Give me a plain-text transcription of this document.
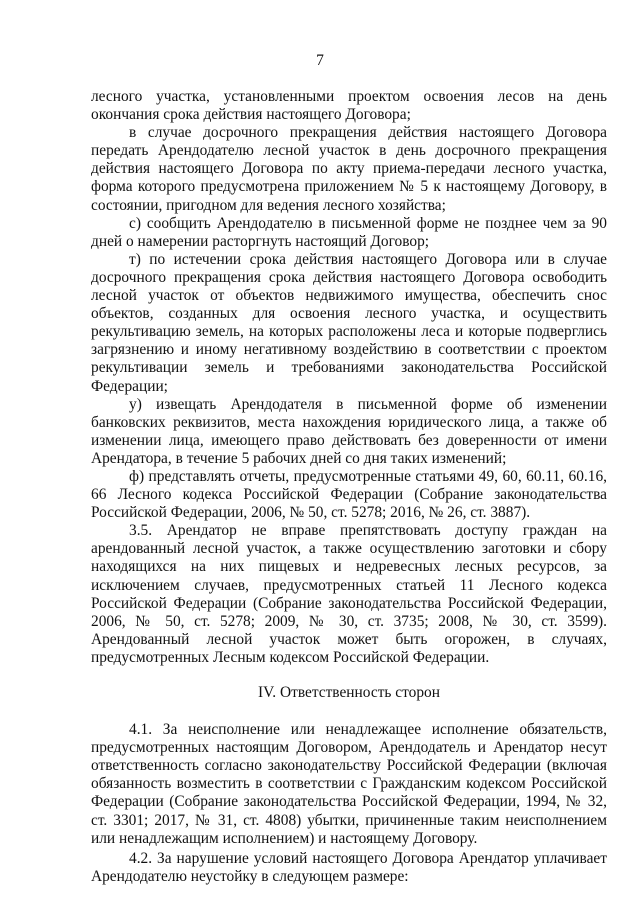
7

лесного участка, установленными проектом освоения лесов на день окончания срока действия настоящего Договора;

в случае досрочного прекращения действия настоящего Договора передать Арендодателю лесной участок в день досрочного прекращения действия настоящего Договора по акту приема-передачи лесного участка, форма которого предусмотрена приложением № 5 к настоящему Договору, в состоянии, пригодном для ведения лесного хозяйства;

с) сообщить Арендодателю в письменной форме не позднее чем за 90 дней о намерении расторгнуть настоящий Договор;

т) по истечении срока действия настоящего Договора или в случае досрочного прекращения срока действия настоящего Договора освободить лесной участок от объектов недвижимого имущества, обеспечить снос объектов, созданных для освоения лесного участка, и осуществить рекультивацию земель, на которых расположены леса и которые подверглись загрязнению и иному негативному воздействию в соответствии с проектом рекультивации земель и требованиями законодательства Российской Федерации;

у) извещать Арендодателя в письменной форме об изменении банковских реквизитов, места нахождения юридического лица, а также об изменении лица, имеющего право действовать без доверенности от имени Арендатора, в течение 5 рабочих дней со дня таких изменений;

ф) представлять отчеты, предусмотренные статьями 49, 60, 60.11, 60.16, 66 Лесного кодекса Российской Федерации (Собрание законодательства Российской Федерации, 2006, № 50, ст. 5278; 2016, № 26, ст. 3887).

3.5. Арендатор не вправе препятствовать доступу граждан на арендованный лесной участок, а также осуществлению заготовки и сбору находящихся на них пищевых и недревесных лесных ресурсов, за исключением случаев, предусмотренных статьей 11 Лесного кодекса Российской Федерации (Собрание законодательства Российской Федерации, 2006, № 50, ст. 5278; 2009, № 30, ст. 3735; 2008, № 30, ст. 3599). Арендованный лесной участок может быть огорожен, в случаях, предусмотренных Лесным кодексом Российской Федерации.

IV. Ответственность сторон

4.1. За неисполнение или ненадлежащее исполнение обязательств, предусмотренных настоящим Договором, Арендодатель и Арендатор несут ответственность согласно законодательству Российской Федерации (включая обязанность возместить в соответствии с Гражданским кодексом Российской Федерации (Собрание законодательства Российской Федерации, 1994, № 32, ст. 3301; 2017, № 31, ст. 4808) убытки, причиненные таким неисполнением или ненадлежащим исполнением) и настоящему Договору.

4.2. За нарушение условий настоящего Договора Арендатор уплачивает Арендодателю неустойку в следующем размере:
